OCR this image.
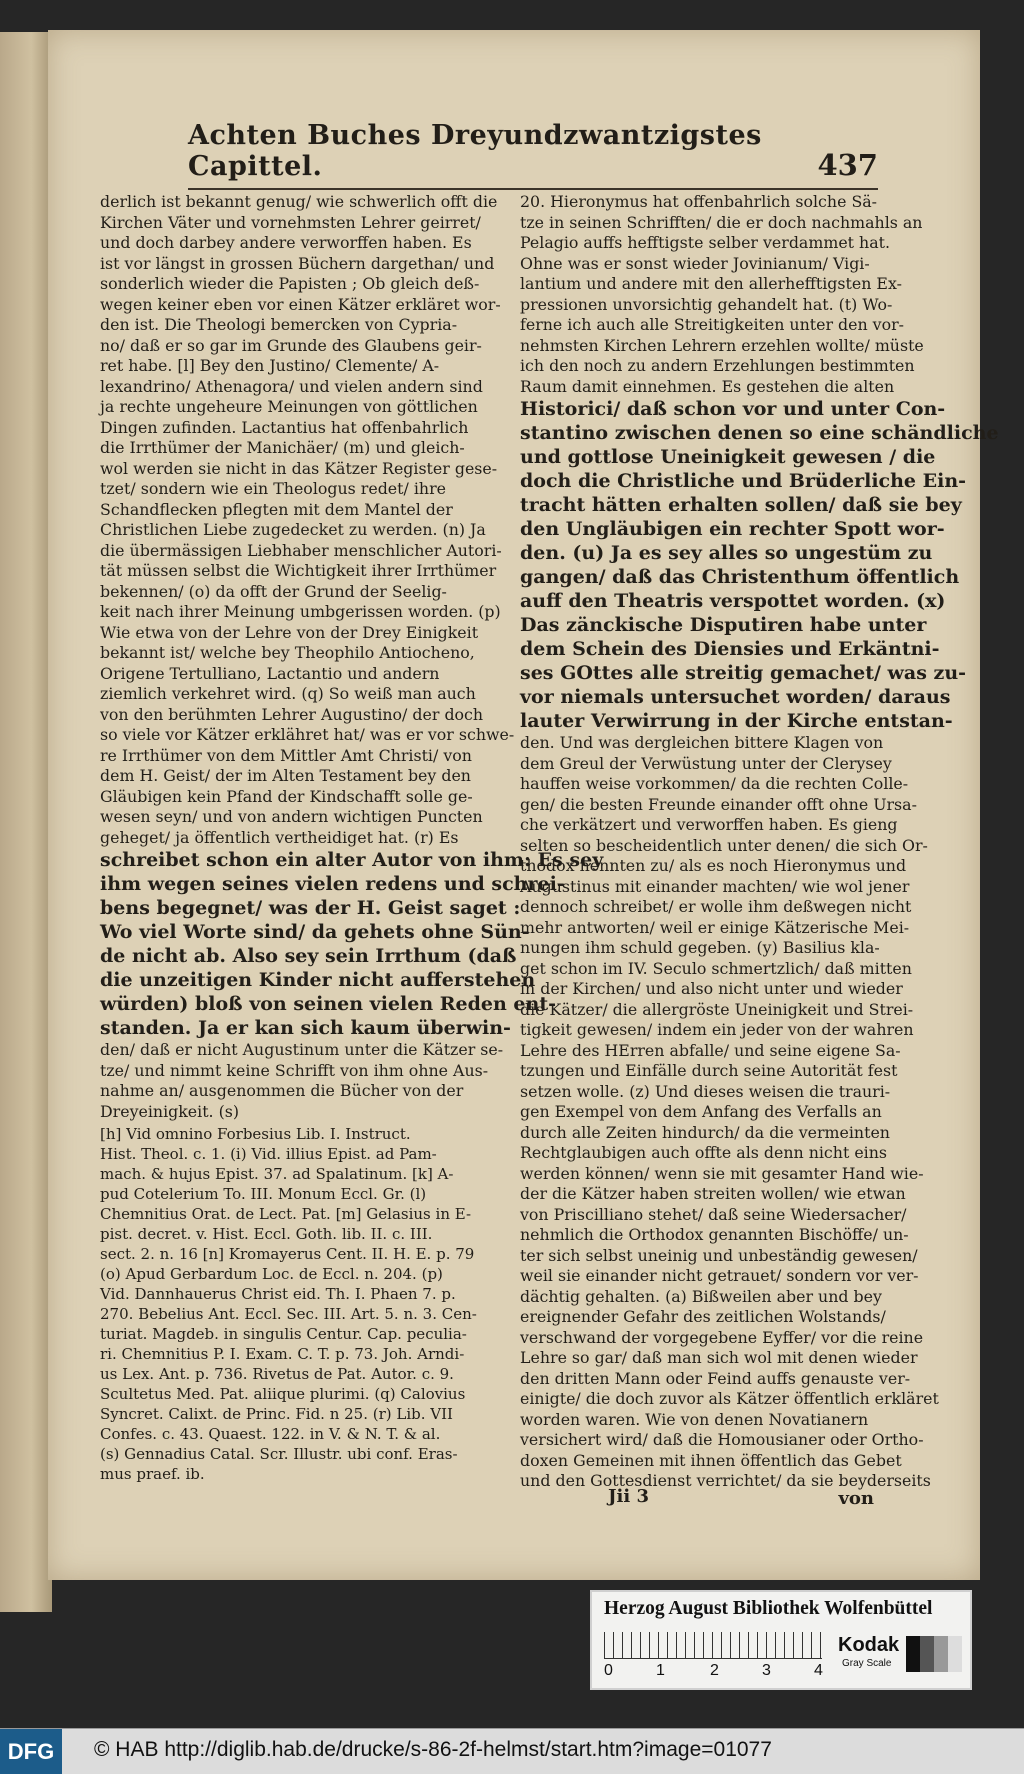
Achten Buches Dreyundzwantzigstes Capittel.	437

derlich ist bekannt genug/ wie schwerlich offt die

Kirchen Väter und vornehmsten Lehrer geirret/

und doch darbey andere verworffen haben. Es

ist vor längst in grossen Büchern dargethan/ und

sonderlich wieder die Papisten ; Ob gleich deß-

wegen keiner eben vor einen Kätzer erkläret wor-

den ist. Die Theologi bemercken von Cypria-

no/ daß er so gar im Grunde des Glaubens geir-

ret habe. [l] Bey den Justino/ Clemente/ A-

lexandrino/ Athenagora/ und vielen andern sind

ja rechte ungeheure Meinungen von göttlichen

Dingen zufinden. Lactantius hat offenbahrlich

die Irrthümer der Manichäer/ (m) und gleich-

wol werden sie nicht in das Kätzer Register gese-

tzet/ sondern wie ein Theologus redet/ ihre

Schandflecken pflegten mit dem Mantel der

Christlichen Liebe zugedecket zu werden. (n) Ja

die übermässigen Liebhaber menschlicher Autori-

tät müssen selbst die Wichtigkeit ihrer Irrthümer

bekennen/ (o) da offt der Grund der Seelig-

keit nach ihrer Meinung umbgerissen worden. (p)

Wie etwa von der Lehre von der Drey Einigkeit

bekannt ist/ welche bey Theophilo Antiocheno,

Origene Tertulliano, Lactantio und andern

ziemlich verkehret wird. (q) So weiß man auch

von den berühmten Lehrer Augustino/ der doch

so viele vor Kätzer erklähret hat/ was er vor schwe-

re Irrthümer von dem Mittler Amt Christi/ von

dem H. Geist/ der im Alten Testament bey den

Gläubigen kein Pfand der Kindschafft solle ge-

wesen seyn/ und von andern wichtigen Puncten

geheget/ ja öffentlich vertheidiget hat. (r) Es

schreibet schon ein alter Autor von ihm: Es sey

ihm wegen seines vielen redens und schrei-

bens begegnet/ was der H. Geist saget :

Wo viel Worte sind/ da gehets ohne Sün-

de nicht ab. Also sey sein Irrthum (daß

die unzeitigen Kinder nicht aufferstehen

würden) bloß von seinen vielen Reden ent-

standen. Ja er kan sich kaum überwin-

den/ daß er nicht Augustinum unter die Kätzer se-

tze/ und nimmt keine Schrifft von ihm ohne Aus-

nahme an/ ausgenommen die Bücher von der

Dreyeinigkeit. (s)

[h] Vid omnino Forbesius Lib. I. Instruct.

Hist. Theol. c. 1. (i) Vid. illius Epist. ad Pam-

mach. & hujus Epist. 37. ad Spalatinum. [k] A-

pud Cotelerium To. III. Monum Eccl. Gr. (l)

Chemnitius Orat. de Lect. Pat. [m] Gelasius in E-

pist. decret. v. Hist. Eccl. Goth. lib. II. c. III.

sect. 2. n. 16 [n] Kromayerus Cent. II. H. E. p. 79

(o) Apud Gerbardum Loc. de Eccl. n. 204. (p)

Vid. Dannhauerus Christ eid. Th. I. Phaen 7. p.

270. Bebelius Ant. Eccl. Sec. III. Art. 5. n. 3. Cen-

turiat. Magdeb. in singulis Centur. Cap. peculia-

ri. Chemnitius P. I. Exam. C. T. p. 73. Joh. Arndi-

us Lex. Ant. p. 736. Rivetus de Pat. Autor. c. 9.

Scultetus Med. Pat. aliique plurimi. (q) Calovius

Syncret. Calixt. de Princ. Fid. n 25. (r) Lib. VII

Confes. c. 43. Quaest. 122. in V. & N. T. & al.

(s) Gennadius Catal. Scr. Illustr. ubi conf. Eras-

mus praef. ib.

20. Hieronymus hat offenbahrlich solche Sä-

tze in seinen Schrifften/ die er doch nachmahls an

Pelagio auffs hefftigste selber verdammet hat.

Ohne was er sonst wieder Jovinianum/ Vigi-

lantium und andere mit den allerhefftigsten Ex-

pressionen unvorsichtig gehandelt hat. (t) Wo-

ferne ich auch alle Streitigkeiten unter den vor-

nehmsten Kirchen Lehrern erzehlen wollte/ müste

ich den noch zu andern Erzehlungen bestimmten

Raum damit einnehmen. Es gestehen die alten

Historici/ daß schon vor und unter Con-

stantino zwischen denen so eine schändliche

und gottlose Uneinigkeit gewesen / die

doch die Christliche und Brüderliche Ein-

tracht hätten erhalten sollen/ daß sie bey

den Ungläubigen ein rechter Spott wor-

den. (u) Ja es sey alles so ungestüm zu

gangen/ daß das Christenthum öffentlich

auff den Theatris verspottet worden. (x)

Das zänckische Disputiren habe unter

dem Schein des Diensies und Erkäntni-

ses GOttes alle streitig gemachet/ was zu-

vor niemals untersuchet worden/ daraus

lauter Verwirrung in der Kirche entstan-

den. Und was dergleichen bittere Klagen von

dem Greul der Verwüstung unter der Clerysey

hauffen weise vorkommen/ da die rechten Colle-

gen/ die besten Freunde einander offt ohne Ursa-

che verkätzert und verworffen haben. Es gieng

selten so bescheidentlich unter denen/ die sich Or-

thodox nennten zu/ als es noch Hieronymus und

Augustinus mit einander machten/ wie wol jener

dennoch schreibet/ er wolle ihm deßwegen nicht

mehr antworten/ weil er einige Kätzerische Mei-

nungen ihm schuld gegeben. (y) Basilius kla-

get schon im IV. Seculo schmertzlich/ daß mitten

in der Kirchen/ und also nicht unter und wieder

die Kätzer/ die allergröste Uneinigkeit und Strei-

tigkeit gewesen/ indem ein jeder von der wahren

Lehre des HErren abfalle/ und seine eigene Sa-

tzungen und Einfälle durch seine Autorität fest

setzen wolle. (z) Und dieses weisen die trauri-

gen Exempel von dem Anfang des Verfalls an

durch alle Zeiten hindurch/ da die vermeinten

Rechtglaubigen auch offte als denn nicht eins

werden können/ wenn sie mit gesamter Hand wie-

der die Kätzer haben streiten wollen/ wie etwan

von Priscilliano stehet/ daß seine Wiedersacher/

nehmlich die Orthodox genannten Bischöffe/ un-

ter sich selbst uneinig und unbeständig gewesen/

weil sie einander nicht getrauet/ sondern vor ver-

dächtig gehalten. (a) Bißweilen aber und bey

ereignender Gefahr des zeitlichen Wolstands/

verschwand der vorgegebene Eyffer/ vor die reine

Lehre so gar/ daß man sich wol mit denen wieder

den dritten Mann oder Feind auffs genauste ver-

einigte/ die doch zuvor als Kätzer öffentlich erkläret

worden waren. Wie von denen Novatianern

versichert wird/ daß die Homousianer oder Ortho-

doxen Gemeinen mit ihnen öffentlich das Gebet

und den Gottesdienst verrichtet/ da sie beyderseits

Jii 3	von
Herzog August Bibliothek Wolfenbüttel
0	1	2	3	4
Kodak
Gray Scale
DFG	© HAB http://diglib.hab.de/drucke/s-86-2f-helmst/start.htm?image=01077
